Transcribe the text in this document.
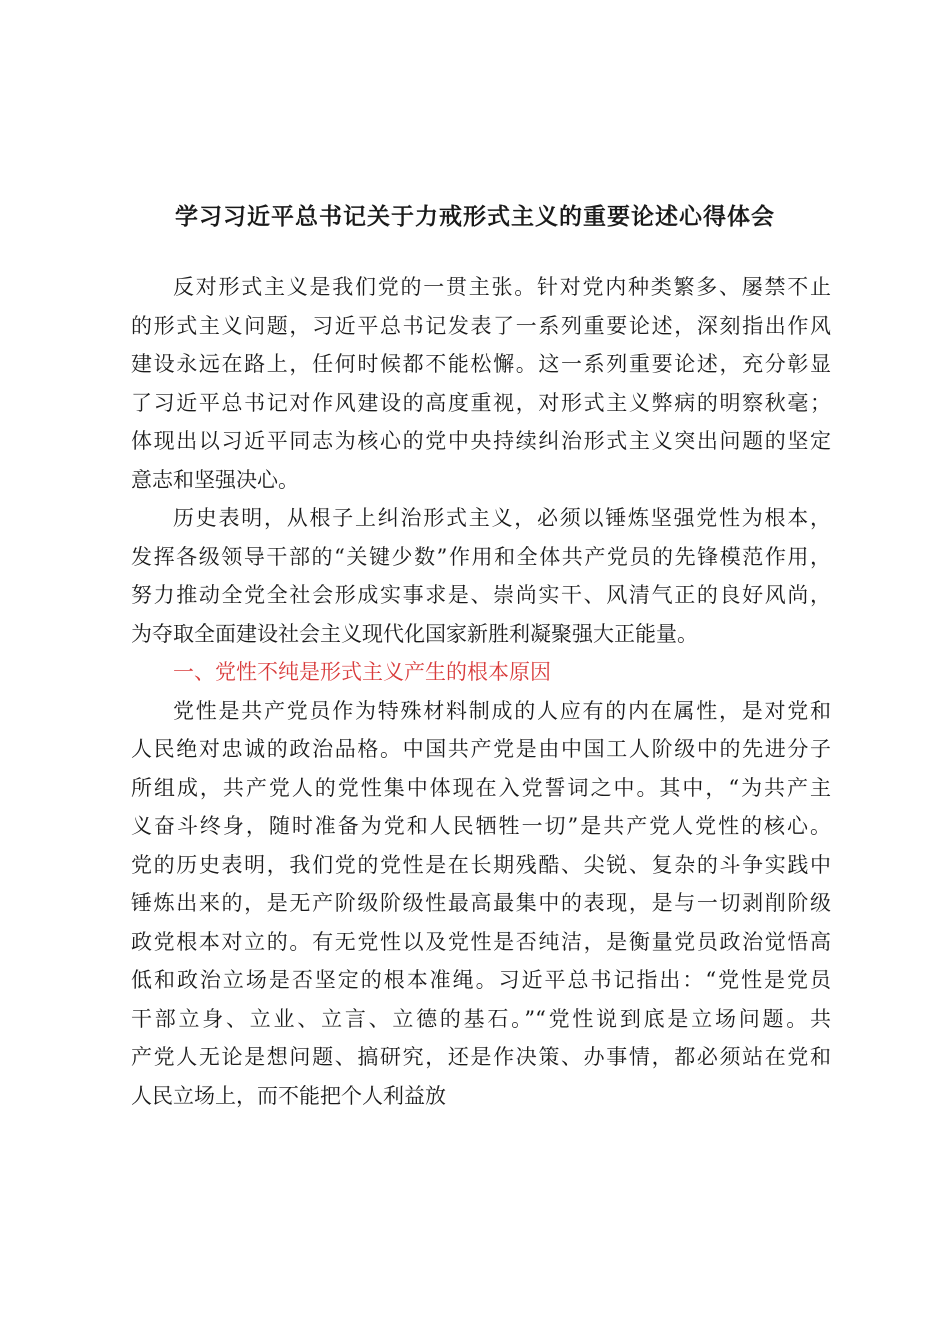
学习习近平总书记关于力戒形式主义的重要论述心得体会
反对形式主义是我们党的一贯主张。针对党内种类繁多、屡禁不止
的形式主义问题，习近平总书记发表了一系列重要论述，深刻指出作风
建设永远在路上，任何时候都不能松懈。这一系列重要论述，充分彰显
了习近平总书记对作风建设的高度重视，对形式主义弊病的明察秋毫；
体现出以习近平同志为核心的党中央持续纠治形式主义突出问题的坚定
意志和坚强决心。
历史表明，从根子上纠治形式主义，必须以锤炼坚强党性为根本，
发挥各级领导干部的“关键少数”作用和全体共产党员的先锋模范作用，
努力推动全党全社会形成实事求是、崇尚实干、风清气正的良好风尚，
为夺取全面建设社会主义现代化国家新胜利凝聚强大正能量。
一、党性不纯是形式主义产生的根本原因
党性是共产党员作为特殊材料制成的人应有的内在属性，是对党和
人民绝对忠诚的政治品格。中国共产党是由中国工人阶级中的先进分子
所组成，共产党人的党性集中体现在入党誓词之中。其中，“为共产主
义奋斗终身，随时准备为党和人民牺牲一切”是共产党人党性的核心。
党的历史表明，我们党的党性是在长期残酷、尖锐、复杂的斗争实践中
锤炼出来的，是无产阶级阶级性最高最集中的表现，是与一切剥削阶级
政党根本对立的。有无党性以及党性是否纯洁，是衡量党员政治觉悟高
低和政治立场是否坚定的根本准绳。习近平总书记指出：“党性是党员
干部立身、立业、立言、立德的基石。”“党性说到底是立场问题。共
产党人无论是想问题、搞研究，还是作决策、办事情，都必须站在党和
人民立场上，而不能把个人利益放
